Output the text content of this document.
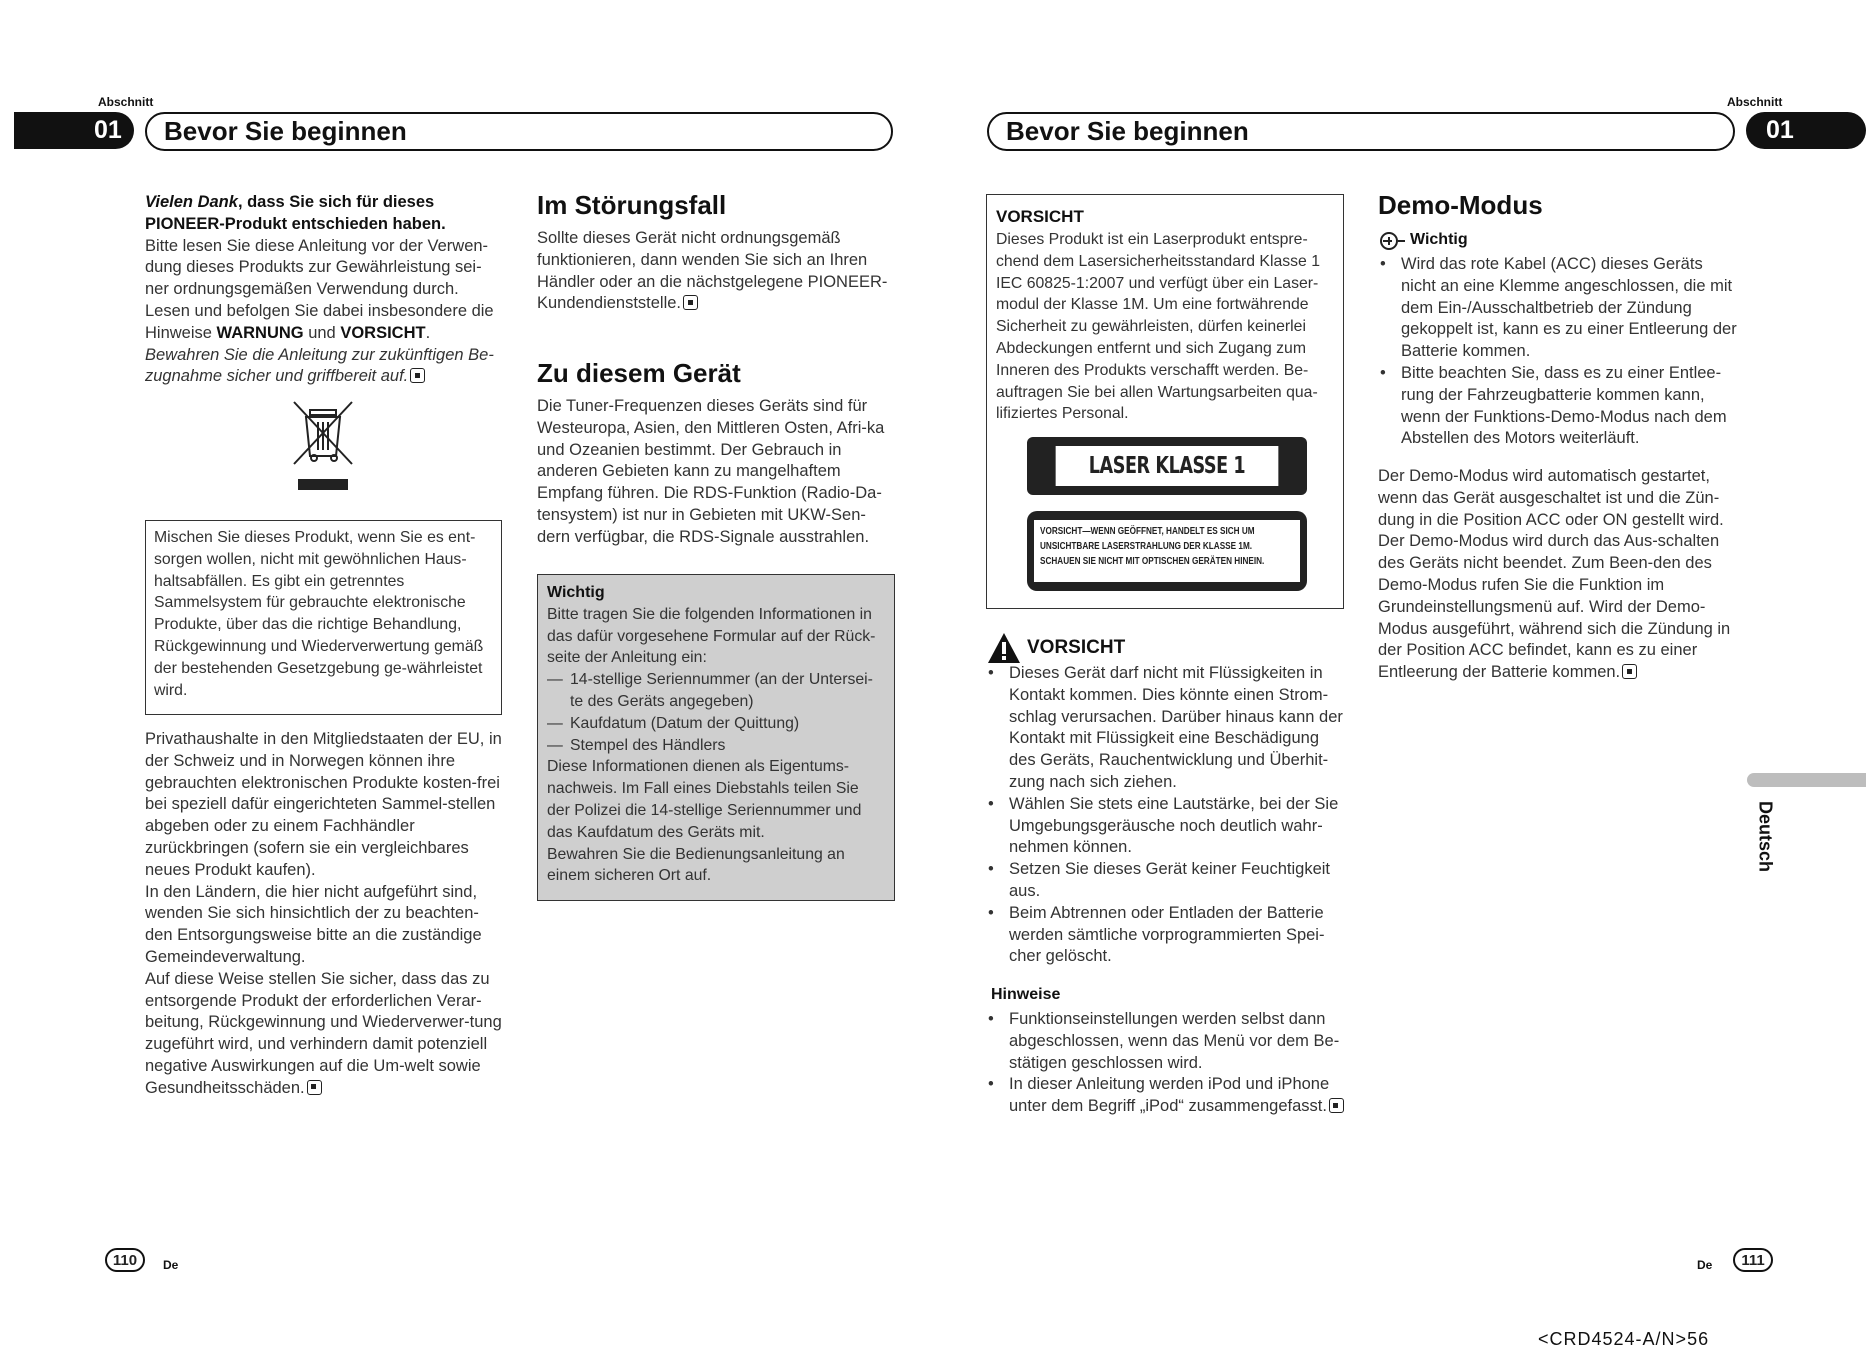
Abschnitt
01	Bevor Sie beginnen
Vielen Dank, dass Sie sich für dieses PIONEER-Produkt entschieden haben.
Bitte lesen Sie diese Anleitung vor der Verwen-dung dieses Produkts zur Gewährleistung sei-ner ordnungsgemäßen Verwendung durch. Lesen und befolgen Sie dabei insbesondere die Hinweise WARNUNG und VORSICHT.
Bewahren Sie die Anleitung zur zukünftigen Be-zugnahme sicher und griffbereit auf.
Mischen Sie dieses Produkt, wenn Sie es ent-sorgen wollen, nicht mit gewöhnlichen Haus-haltsabfällen. Es gibt ein getrenntes Sammelsystem für gebrauchte elektronische Produkte, über das die richtige Behandlung, Rückgewinnung und Wiederverwertung gemäß der bestehenden Gesetzgebung ge-währleistet wird.
Privathaushalte in den Mitgliedstaaten der EU, in der Schweiz und in Norwegen können ihre gebrauchten elektronischen Produkte kosten-frei bei speziell dafür eingerichteten Sammel-stellen abgeben oder zu einem Fachhändler zurückbringen (sofern sie ein vergleichbares neues Produkt kaufen).
In den Ländern, die hier nicht aufgeführt sind, wenden Sie sich hinsichtlich der zu beachten-den Entsorgungsweise bitte an die zuständige Gemeindeverwaltung.
Auf diese Weise stellen Sie sicher, dass das zu entsorgende Produkt der erforderlichen Verar-beitung, Rückgewinnung und Wiederverwer-tung zugeführt wird, und verhindern damit potenziell negative Auswirkungen auf die Um-welt sowie Gesundheitsschäden.
Im Störungsfall
Sollte dieses Gerät nicht ordnungsgemäß funktionieren, dann wenden Sie sich an Ihren Händler oder an die nächstgelegene PIONEER-Kundendienststelle.
Zu diesem Gerät
Die Tuner-Frequenzen dieses Geräts sind für Westeuropa, Asien, den Mittleren Osten, Afri-ka und Ozeanien bestimmt. Der Gebrauch in anderen Gebieten kann zu mangelhaftem Empfang führen. Die RDS-Funktion (Radio-Da-tensystem) ist nur in Gebieten mit UKW-Sen-dern verfügbar, die RDS-Signale ausstrahlen.
Wichtig
Bitte tragen Sie die folgenden Informationen in das dafür vorgesehene Formular auf der Rück-seite der Anleitung ein:
— 14-stellige Seriennummer (an der Untersei-te des Geräts angegeben)
— Kaufdatum (Datum der Quittung)
— Stempel des Händlers
Diese Informationen dienen als Eigentums-nachweis. Im Fall eines Diebstahls teilen Sie der Polizei die 14-stellige Seriennummer und das Kaufdatum des Geräts mit.
Bewahren Sie die Bedienungsanleitung an einem sicheren Ort auf.
110	De
Abschnitt
Bevor Sie beginnen	01
VORSICHT
Dieses Produkt ist ein Laserprodukt entspre-chend dem Lasersicherheitsstandard Klasse 1 IEC 60825-1:2007 und verfügt über ein Laser-modul der Klasse 1M. Um eine fortwährende Sicherheit zu gewährleisten, dürfen keinerlei Abdeckungen entfernt und sich Zugang zum Inneren des Produkts verschafft werden. Be-auftragen Sie bei allen Wartungsarbeiten qua-lifiziertes Personal.
LASER KLASSE 1
VORSICHT—WENN GEÖFFNET, HANDELT ES SICH UM
UNSICHTBARE LASERSTRAHLUNG DER KLASSE 1M.
SCHAUEN SIE NICHT MIT OPTISCHEN GERÄTEN HINEIN.
VORSICHT
• Dieses Gerät darf nicht mit Flüssigkeiten in Kontakt kommen. Dies könnte einen Strom-schlag verursachen. Darüber hinaus kann der Kontakt mit Flüssigkeit eine Beschädigung des Geräts, Rauchentwicklung und Überhit-zung nach sich ziehen.
• Wählen Sie stets eine Lautstärke, bei der Sie Umgebungsgeräusche noch deutlich wahr-nehmen können.
• Setzen Sie dieses Gerät keiner Feuchtigkeit aus.
• Beim Abtrennen oder Entladen der Batterie werden sämtliche vorprogrammierten Spei-cher gelöscht.
Hinweise
• Funktionseinstellungen werden selbst dann abgeschlossen, wenn das Menü vor dem Be-stätigen geschlossen wird.
• In dieser Anleitung werden iPod und iPhone unter dem Begriff „iPod“ zusammengefasst.
Demo-Modus
Wichtig
• Wird das rote Kabel (ACC) dieses Geräts nicht an eine Klemme angeschlossen, die mit dem Ein-/Ausschaltbetrieb der Zündung gekoppelt ist, kann es zu einer Entleerung der Batterie kommen.
• Bitte beachten Sie, dass es zu einer Entlee-rung der Fahrzeugbatterie kommen kann, wenn der Funktions-Demo-Modus nach dem Abstellen des Motors weiterläuft.
Der Demo-Modus wird automatisch gestartet, wenn das Gerät ausgeschaltet ist und die Zün-dung in die Position ACC oder ON gestellt wird. Der Demo-Modus wird durch das Aus-schalten des Geräts nicht beendet. Zum Been-den des Demo-Modus rufen Sie die Funktion im Grundeinstellungsmenü auf. Wird der Demo-Modus ausgeführt, während sich die Zündung in der Position ACC befindet, kann es zu einer Entleerung der Batterie kommen.
Deutsch
De	111
<CRD4524-A/N>56
